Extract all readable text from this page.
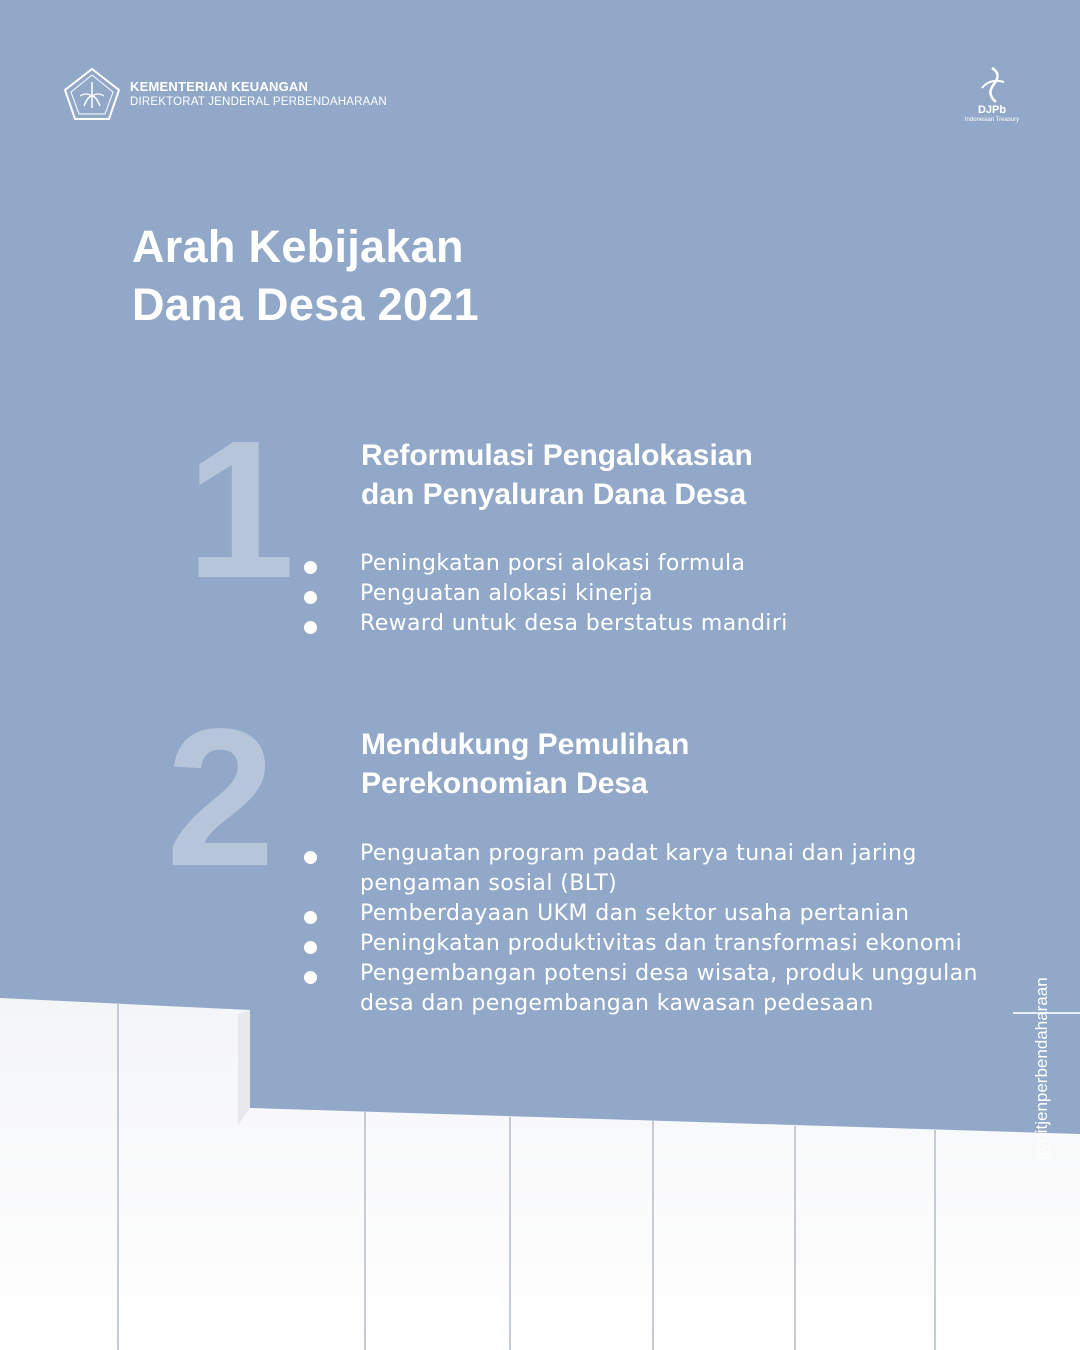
KEMENTERIAN KEUANGAN
DIREKTORAT JENDERAL PERBENDAHARAAN
DJPb
Indonesian Treasury
Arah Kebijakan
Dana Desa 2021
1 Reformulasi Pengalokasian
dan Penyaluran Dana Desa
Peningkatan porsi alokasi formula
Penguatan alokasi kinerja
Reward untuk desa berstatus mandiri
2	Mendukung Pemulihan
Perekonomian Desa
Penguatan program padat karya tunai dan jaring pengaman sosial (BLT)
Pemberdayaan UKM dan sektor usaha pertanian
Peningkatan produktivitas dan transformasi ekonomi
Pengembangan potensi desa wisata, produk unggulan desa dan pengembangan kawasan pedesaan	@ditjenperbendaharaan
